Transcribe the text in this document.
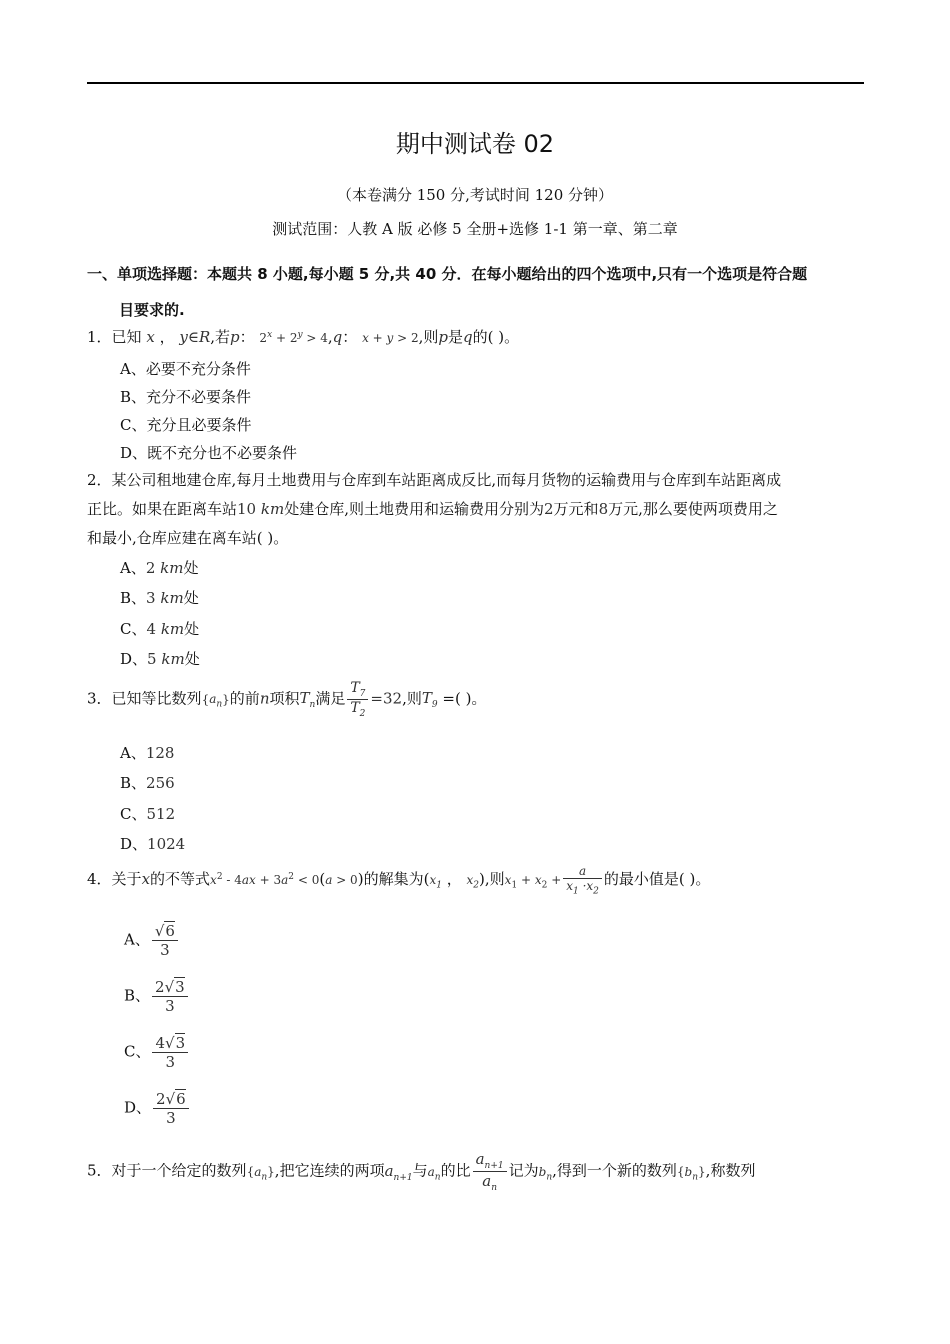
期中测试卷 02
（本卷满分 150 分,考试时间 120 分钟）
测试范围：人教 A 版 必修 5 全册+选修 1-1 第一章、第二章
一、单项选择题：本题共 8 小题,每小题 5 分,共 40 分．在每小题给出的四个选项中,只有一个选项是符合题
目要求的.
1．已知 x ， y∈R,若p： $2^x + 2^y > 4,q$： x + y > 2,则p是q的( )。
A、必要不充分条件
B、充分不必要条件
C、充分且必要条件
D、既不充分也不必要条件
2．某公司租地建仓库,每月土地费用与仓库到车站距离成反比,而每月货物的运输费用与仓库到车站距离成
正比。如果在距离车站10 km处建仓库,则土地费用和运输费用分别为2万元和8万元,那么要使两项费用之
和最小,仓库应建在离车站( )。
A、2 km处
B、3 km处
C、4 km处
D、5 km处
3．已知等比数列$\{a_n\}$的前n项积$T_n$满足 $\frac{T_7}{T_2} =32$,则$T_9$ =( )。
A、128
B、256
C、512
D、1024
4．关于x的不等式$x^2 - 4ax + 3a^2 < 0(a > 0)$的解集为($x_1$ ， $x_2$),则$x_1 + x_2 + \frac{a}{x_1 \cdot x_2}$ 的最小值是( )。
A、 $\frac{√6}{3}$
B、 $\frac{2√3}{3}$
C、 $\frac{4√3}{3}$
D、 $\frac{2√6}{3}$
5．对于一个给定的数列$\{a_n\}$,把它连续的两项$a_{n+1}$与$a_n$的比 $\frac{a_{n+1}}{a_n}$ 记为$b_n$,得到一个新的数列$\{b_n\}$,称数列
